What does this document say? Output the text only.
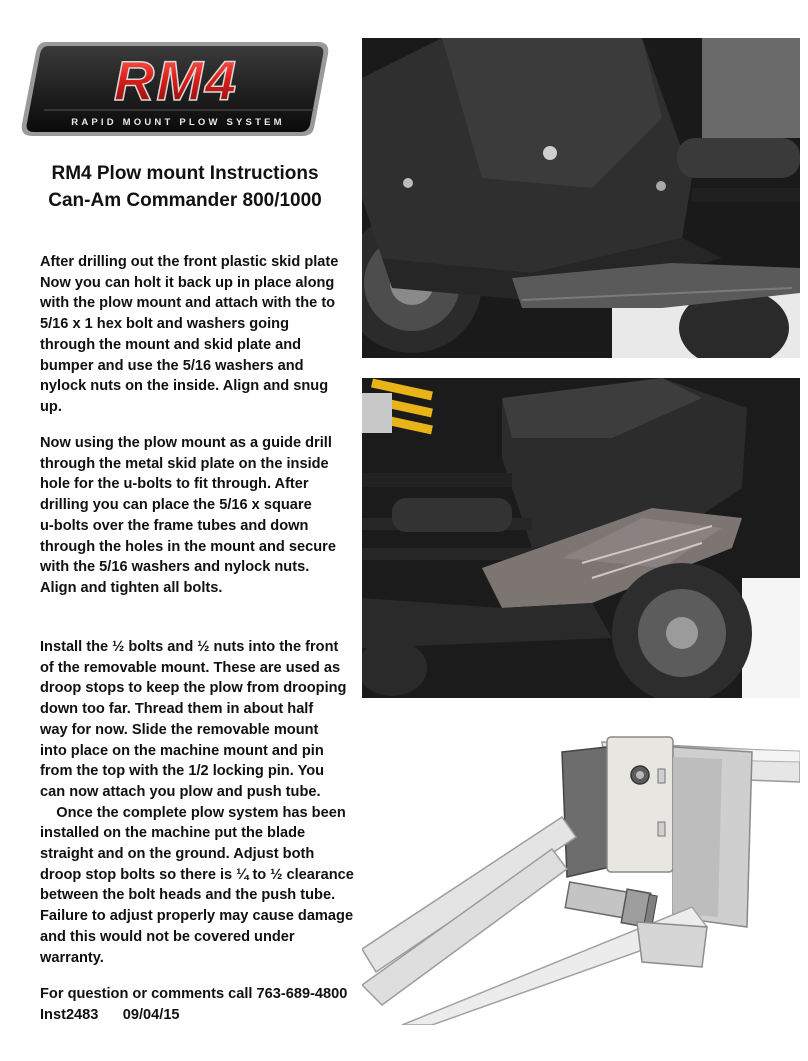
RM4
RAPID MOUNT PLOW SYSTEM
RM4 Plow mount Instructions
Can-Am Commander 800/1000
After drilling out the front plastic skid plate
Now you can holt it back up in place along
with the plow mount and attach with the to
5/16 x 1 hex bolt and washers going
through the mount and skid plate and
bumper and use the 5/16 washers and
nylock nuts on the inside. Align and snug
up.
Now using the plow mount as a guide drill
through the metal skid plate on the inside
hole for the u-bolts to fit through. After
drilling you can place the 5/16 x square
u-bolts over the frame tubes and down
through the holes in the mount and secure
with the 5/16 washers and nylock nuts.
Align and tighten all bolts.
Install the ½ bolts and ½ nuts into the front
of the removable mount. These are used as
droop stops to keep the plow from drooping
down too far. Thread them in about half
way for now. Slide the removable mount
into place on the machine mount and pin
from the top with the 1/2 locking pin. You
can now attach you plow and push tube.
Once the complete plow system has been
installed on the machine put the blade
straight and on the ground. Adjust both
droop stop bolts so there is ¼ to ½ clearance
between the bolt heads and the push tube.
Failure to adjust properly may cause damage
and this would not be covered under
warranty.
For question or comments call 763-689-4800
Inst2483      09/04/15
